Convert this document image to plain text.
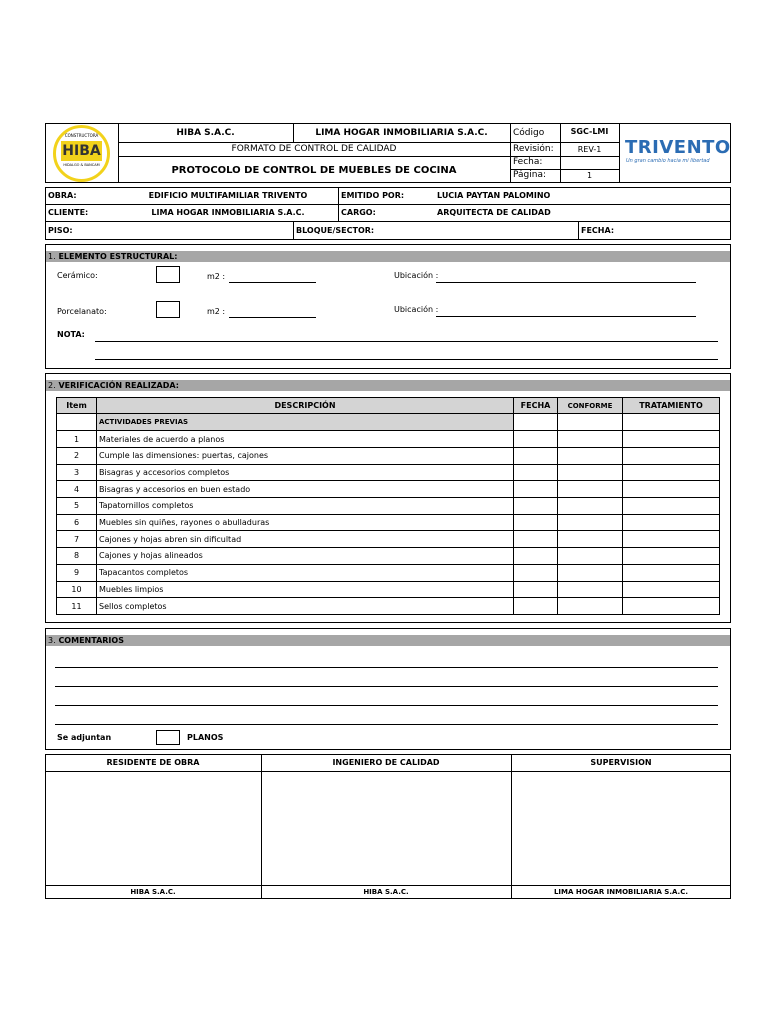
CONSTRUCTORA
HIBA
HIDALGO & BANCAM
HIBA S.A.C.	LIMA HOGAR INMOBILIARIA S.A.C.
FORMATO DE CONTROL DE CALIDAD
PROTOCOLO DE CONTROL DE MUEBLES DE COCINA
Código	SGC-LMI
Revisión:	REV-1
Fecha:
Página:	1
TRIVENTO
Un gran cambio hacia mi libertad
OBRA:	EDIFICIO MULTIFAMILIAR TRIVENTO	EMITIDO POR:	LUCIA PAYTAN PALOMINO
CLIENTE:	LIMA HOGAR INMOBILIARIA S.A.C.	CARGO:	ARQUITECTA DE CALIDAD
PISO:	BLOQUE/SECTOR:	FECHA:
1. ELEMENTO ESTRUCTURAL:
Cerámico:	m2 :	Ubicación :
Porcelanato:	m2 :	Ubicación :
NOTA:
2. VERIFICACIÓN REALIZADA:
Item	DESCRIPCIÓN	FECHA	CONFORME	TRATAMIENTO
	ACTIVIDADES PREVIAS			
3. COMENTARIOS
Se adjuntan	PLANOS
RESIDENTE DE OBRA	INGENIERO DE CALIDAD	SUPERVISION
HIBA S.A.C.	HIBA S.A.C.	LIMA HOGAR INMOBILIARIA S.A.C.
1	Materiales de acuerdo a planos			
2	Cumple las dimensiones: puertas, cajones			
3	Bisagras y accesorios completos			
4	Bisagras y accesorios en buen estado			
5	Tapatornillos completos			
6	Muebles sin quiñes, rayones o abulladuras			
7	Cajones y hojas abren sin dificultad			
8	Cajones y hojas alineados			
9	Tapacantos completos			
10	Muebles limpios			
11	Sellos completos			
